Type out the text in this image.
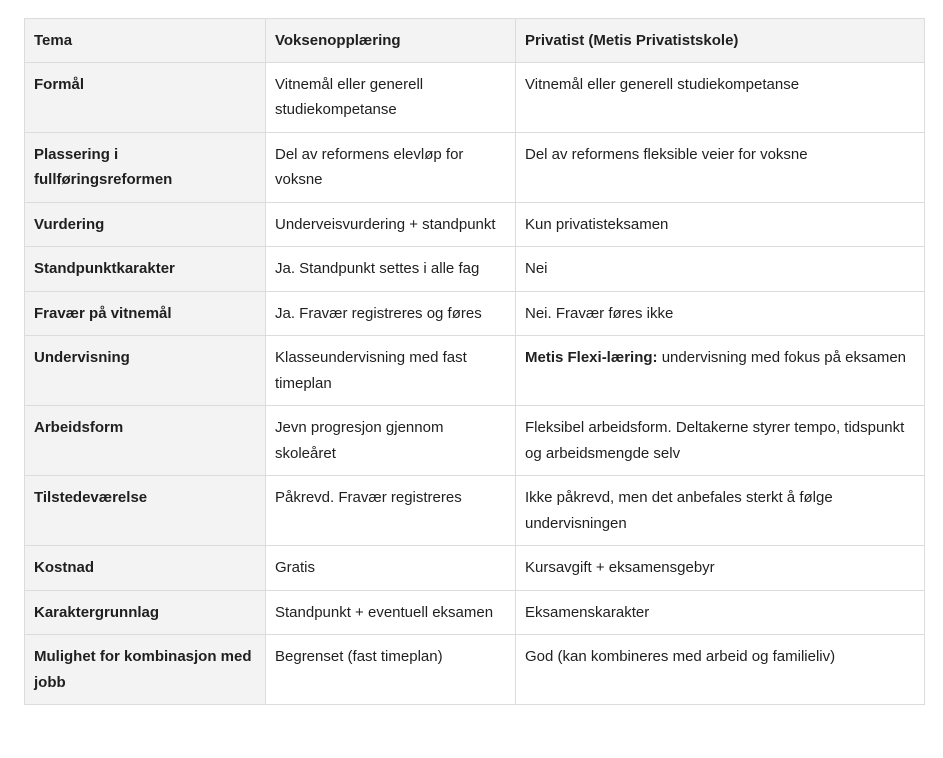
Tema	Voksenopplæring	Privatist (Metis Privatistskole)
Formål	Vitnemål eller generell studiekompetanse	Vitnemål eller generell studiekompetanse
Plassering i fullføringsreformen	Del av reformens elevløp for voksne	Del av reformens fleksible veier for voksne
Vurdering	Underveisvurdering + standpunkt	Kun privatisteksamen
Standpunktkarakter	Ja. Standpunkt settes i alle fag	Nei
Fravær på vitnemål	Ja. Fravær registreres og føres	Nei. Fravær føres ikke
Undervisning	Klasseundervisning med fast timeplan	Metis Flexi-læring: undervisning med fokus på eksamen
Arbeidsform	Jevn progresjon gjennom skoleåret	Fleksibel arbeidsform. Deltakerne styrer tempo, tidspunkt og arbeidsmengde selv
Tilstedeværelse	Påkrevd. Fravær registreres	Ikke påkrevd, men det anbefales sterkt å følge undervisningen
Kostnad	Gratis	Kursavgift + eksamensgebyr
Karaktergrunnlag	Standpunkt + eventuell eksamen	Eksamenskarakter
Mulighet for kombinasjon med jobb	Begrenset (fast timeplan)	God (kan kombineres med arbeid og familieliv)
